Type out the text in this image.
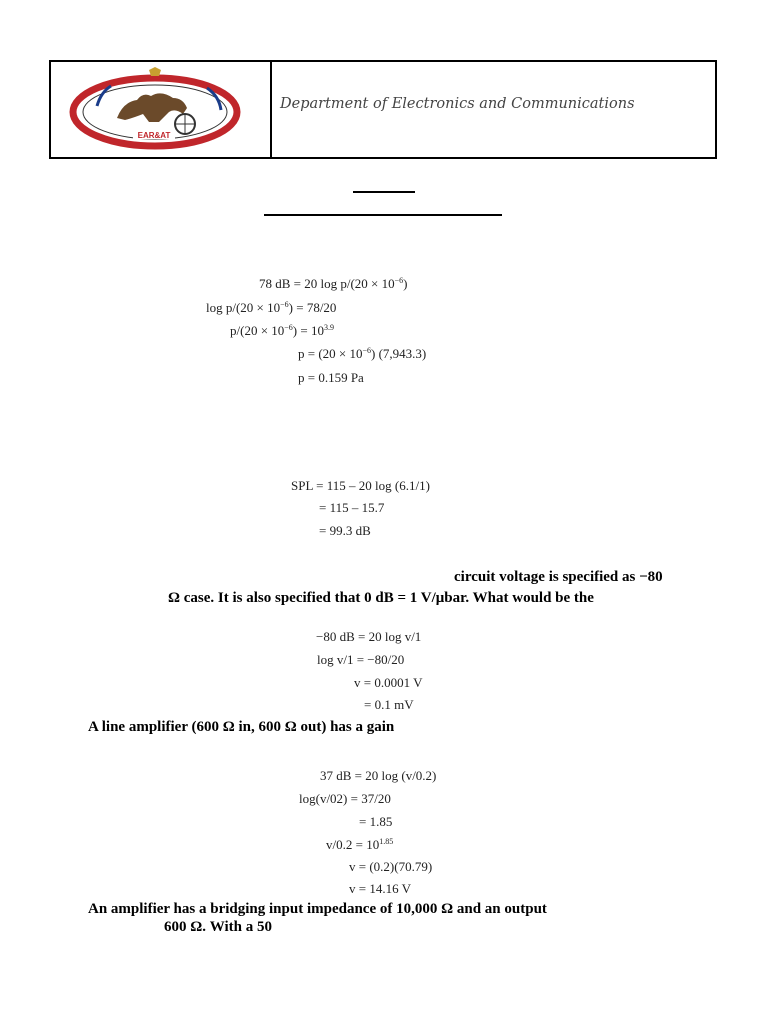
EAR&AT
Department of Electronics and Communications
78 dB = 20 $\log p/(20 \times 10^{-6})$
$\log p/(20 \times 10^{-6}) = 78/20$
$p/(20 \times 10^{-6}) = 10^{3.9}$
$p = (20 \times 10^{-6})$ (7,943.3)
p = 0.159 Pa
SPL = 115 – 20 log (6.1/1)
= 115 – 15.7
= 99.3 dB
circuit voltage is specified as −80
Ω case. It is also specified that 0 dB = 1 V/μbar. What would be the
−80 dB = 20 log v/1
log v/1 = −80/20
v = 0.0001 V
= 0.1 mV
A line amplifier (600 Ω in, 600 Ω out) has a gain
37 dB = 20 log (v/0.2)
log(v/02) = 37/20
= 1.85
$v/0.2 = 10^{1.85}$
v = (0.2)(70.79)
v = 14.16 V
An amplifier has a bridging input impedance of 10,000 Ω and an output
600 Ω. With a 50
